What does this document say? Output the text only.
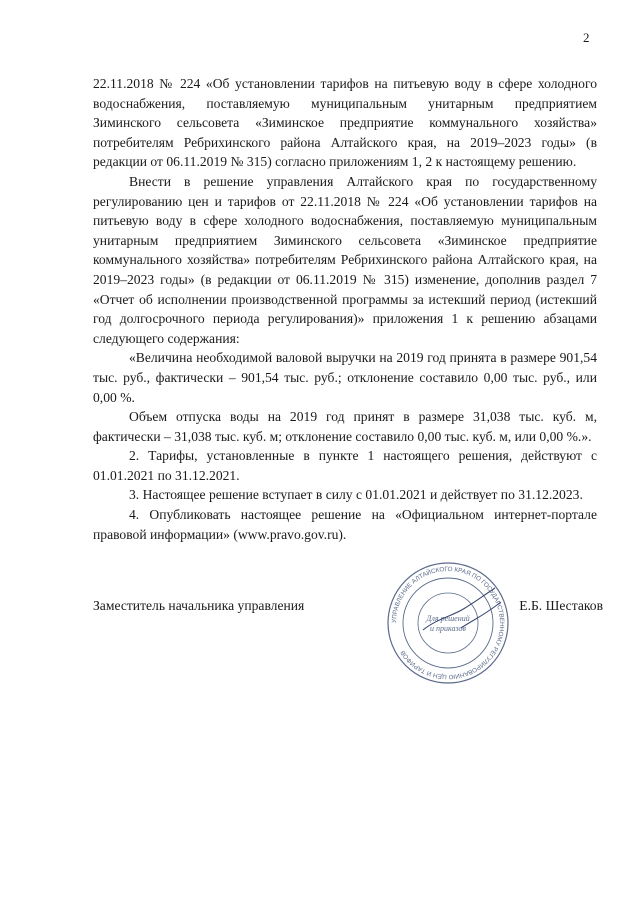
2

22.11.2018 № 224 «Об установлении тарифов на питьевую воду в сфере холодного водоснабжения, поставляемую муниципальным унитарным предприятием Зиминского сельсовета «Зиминское предприятие коммунального хозяйства» потребителям Ребрихинского района Алтайского края, на 2019–2023 годы» (в редакции от 06.11.2019 № 315) согласно приложениям 1, 2 к настоящему решению.

Внести в решение управления Алтайского края по государственному регулированию цен и тарифов от 22.11.2018 № 224 «Об установлении тарифов на питьевую воду в сфере холодного водоснабжения, поставляемую муниципальным унитарным предприятием Зиминского сельсовета «Зиминское предприятие коммунального хозяйства» потребителям Ребрихинского района Алтайского края, на 2019–2023 годы» (в редакции от 06.11.2019 № 315) изменение, дополнив раздел 7 «Отчет об исполнении производственной программы за истекший период (истекший год долгосрочного периода регулирования)» приложения 1 к решению абзацами следующего содержания:

«Величина необходимой валовой выручки на 2019 год принята в размере 901,54 тыс. руб., фактически – 901,54 тыс. руб.; отклонение составило 0,00 тыс. руб., или 0,00 %.

Объем отпуска воды на 2019 год принят в размере 31,038 тыс. куб. м, фактически – 31,038 тыс. куб. м; отклонение составило 0,00 тыс. куб. м, или 0,00 %.».

2. Тарифы, установленные в пункте 1 настоящего решения, действуют с 01.01.2021 по 31.12.2021.

3. Настоящее решение вступает в силу с 01.01.2021 и действует по 31.12.2023.

4. Опубликовать настоящее решение на «Официальном интернет-портале правовой информации» (www.pravo.gov.ru).

Заместитель начальника управления
УПРАВЛЕНИЕ АЛТАЙСКОГО КРАЯ ПО ГОСУДАРСТВЕННОМУ РЕГУЛИРОВАНИЮ ЦЕН И ТАРИФОВ
Для решений
и приказов
Е.Б. Шестаков
